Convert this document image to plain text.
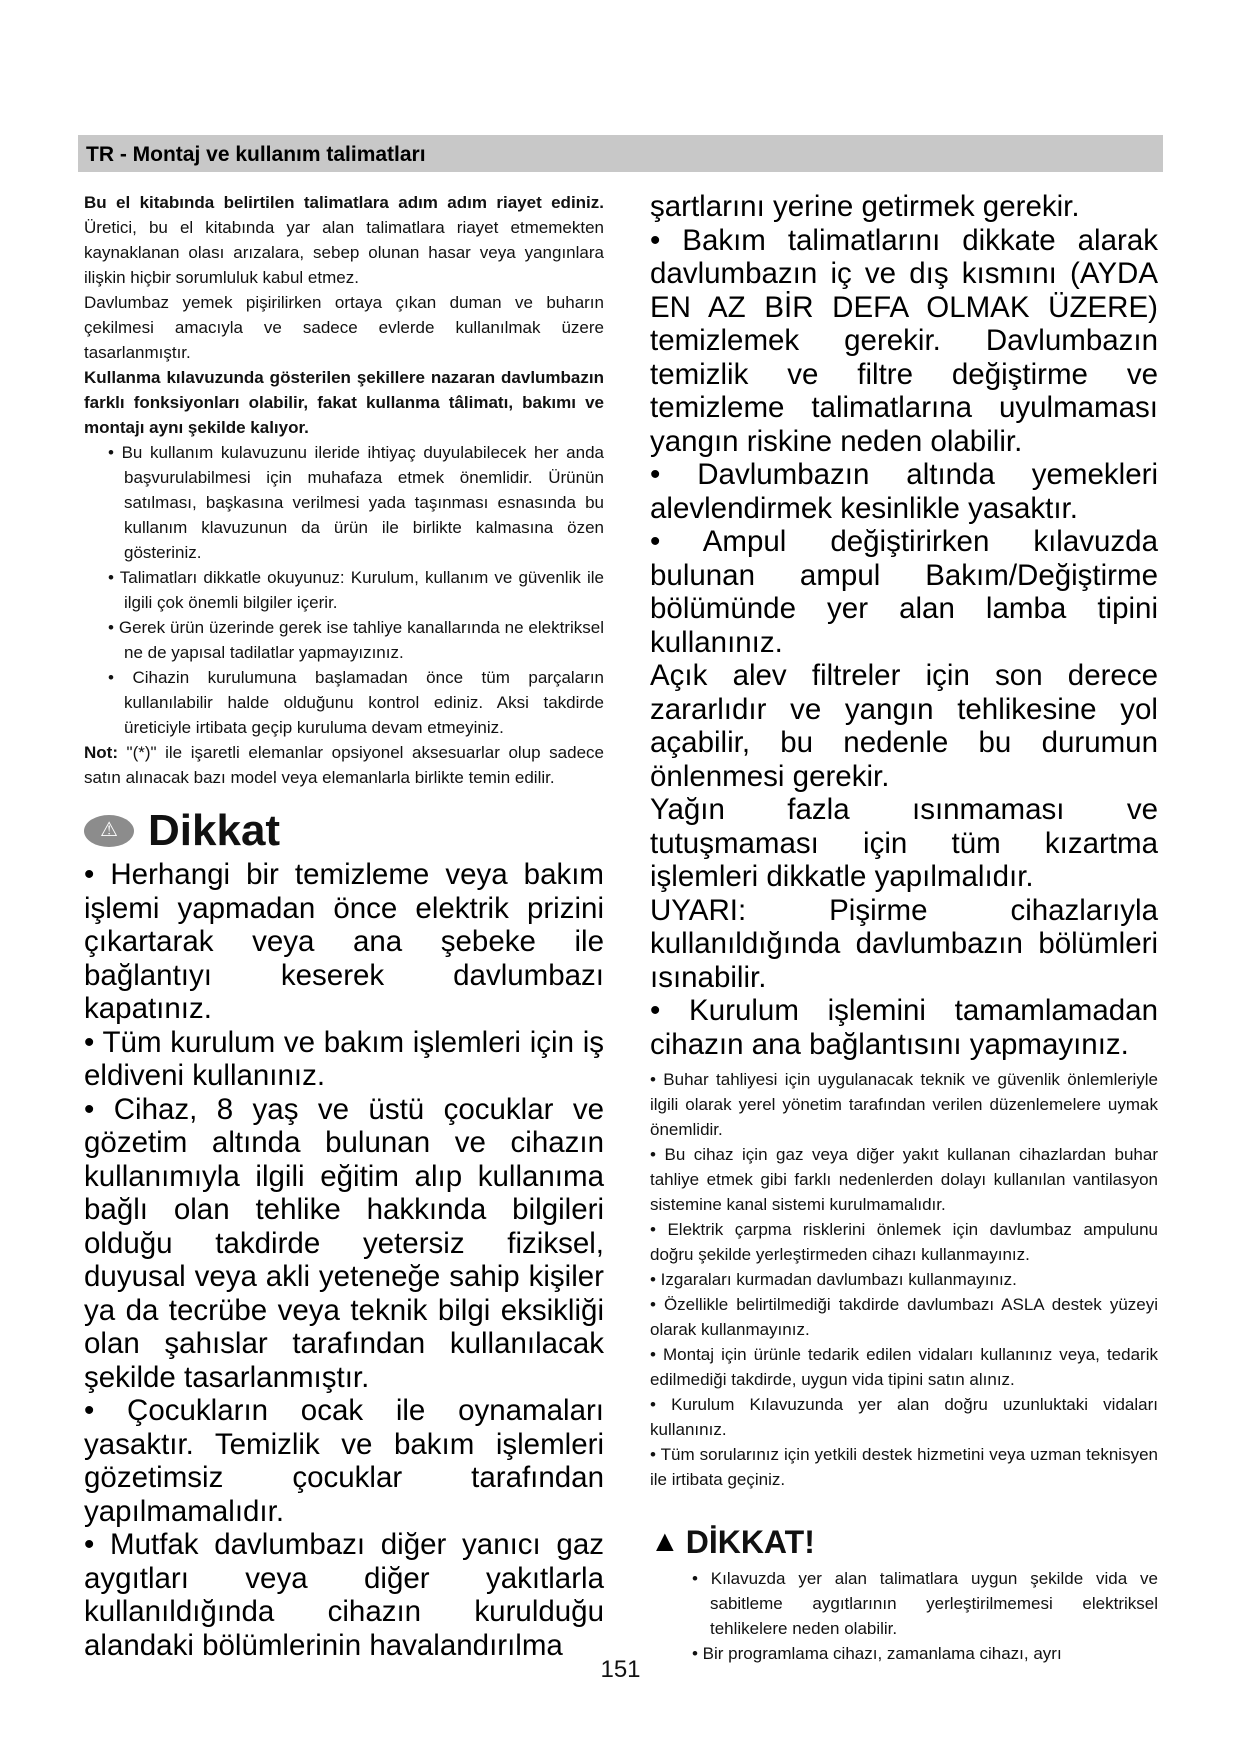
TR - Montaj ve kullanım talimatları

Bu el kitabında belirtilen talimatlara adım adım riayet ediniz. Üretici, bu el kitabında yar alan talimatlara riayet etmemekten kaynaklanan olası arızalara, sebep olunan hasar veya yangınlara ilişkin hiçbir sorumluluk kabul etmez.

Davlumbaz yemek pişirilirken ortaya çıkan duman ve buharın çekilmesi amacıyla ve sadece evlerde kullanılmak üzere tasarlanmıştır.

Kullanma kılavuzunda gösterilen şekillere nazaran davlumbazın farklı fonksiyonları olabilir, fakat kullanma tâlimatı, bakımı ve montajı aynı şekilde kalıyor.

• Bu kullanım kulavuzunu ileride ihtiyaç duyulabilecek her anda başvurulabilmesi için muhafaza etmek önemlidir. Ürünün satılması, başkasına verilmesi yada taşınması esnasında bu kullanım klavuzunun da ürün ile birlikte kalmasına özen gösteriniz.

• Talimatları dikkatle okuyunuz: Kurulum, kullanım ve güvenlik ile ilgili çok önemli bilgiler içerir.

• Gerek ürün üzerinde gerek ise tahliye kanallarında ne elektriksel ne de yapısal tadilatlar yapmayızınız.

• Cihazin kurulumuna başlamadan önce tüm parçaların kullanılabilir halde olduğunu kontrol ediniz. Aksi takdirde üreticiyle irtibata geçip kuruluma devam etmeyiniz.

Not: "(*)" ile işaretli elemanlar opsiyonel aksesuarlar olup sadece satın alınacak bazı model veya elemanlarla birlikte temin edilir.

⚠ Dikkat

• Herhangi bir temizleme veya bakım işlemi yapmadan önce elektrik prizini çıkartarak veya ana şebeke ile bağlantıyı keserek davlumbazı kapatınız.

• Tüm kurulum ve bakım işlemleri için iş eldiveni kullanınız.

• Cihaz, 8 yaş ve üstü çocuklar ve gözetim altında bulunan ve cihazın kullanımıyla ilgili eğitim alıp kullanıma bağlı olan tehlike hakkında bilgileri olduğu takdirde yetersiz fiziksel, duyusal veya akli yeteneğe sahip kişiler ya da tecrübe veya teknik bilgi eksikliği olan şahıslar tarafından kullanılacak şekilde tasarlanmıştır.

• Çocukların ocak ile oynamaları yasaktır. Temizlik ve bakım işlemleri gözetimsiz çocuklar tarafından yapılmamalıdır.

• Mutfak davlumbazı diğer yanıcı gaz aygıtları veya diğer yakıtlarla kullanıldığında cihazın kurulduğu alandaki bölümlerinin havalandırılma

şartlarını yerine getirmek gerekir.

• Bakım talimatlarını dikkate alarak davlumbazın iç ve dış kısmını (AYDA EN AZ BİR DEFA OLMAK ÜZERE) temizlemek gerekir. Davlumbazın temizlik ve filtre değiştirme ve temizleme talimatlarına uyulmaması yangın riskine neden olabilir.

• Davlumbazın altında yemekleri alevlendirmek kesinlikle yasaktır.

• Ampul değiştirirken kılavuzda bulunan ampul Bakım/Değiştirme bölümünde yer alan lamba tipini kullanınız.

Açık alev filtreler için son derece zararlıdır ve yangın tehlikesine yol açabilir, bu nedenle bu durumun önlenmesi gerekir.

Yağın fazla ısınmaması ve tutuşmaması için tüm kızartma işlemleri dikkatle yapılmalıdır.

UYARI: Pişirme cihazlarıyla kullanıldığında davlumbazın bölümleri ısınabilir.

• Kurulum işlemini tamamlamadan cihazın ana bağlantısını yapmayınız.

• Buhar tahliyesi için uygulanacak teknik ve güvenlik önlemleriyle ilgili olarak yerel yönetim tarafından verilen düzenlemelere uymak önemlidir.

• Bu cihaz için gaz veya diğer yakıt kullanan cihazlardan buhar tahliye etmek gibi farklı nedenlerden dolayı kullanılan vantilasyon sistemine kanal sistemi kurulmamalıdır.

• Elektrik çarpma risklerini önlemek için davlumbaz ampulunu doğru şekilde yerleştirmeden cihazı kullanmayınız.

• Izgaraları kurmadan davlumbazı kullanmayınız.

• Özellikle belirtilmediği takdirde davlumbazı ASLA destek yüzeyi olarak kullanmayınız.

• Montaj için ürünle tedarik edilen vidaları kullanınız veya, tedarik edilmediği takdirde, uygun vida tipini satın alınız.

• Kurulum Kılavuzunda yer alan doğru uzunluktaki vidaları kullanınız.

• Tüm sorularınız için yetkili destek hizmetini veya uzman teknisyen ile irtibata geçiniz.

▲ DİKKAT!

• Kılavuzda yer alan talimatlara uygun şekilde vida ve sabitleme aygıtlarının yerleştirilmemesi elektriksel tehlikelere neden olabilir.

• Bir programlama cihazı, zamanlama cihazı, ayrı

151
